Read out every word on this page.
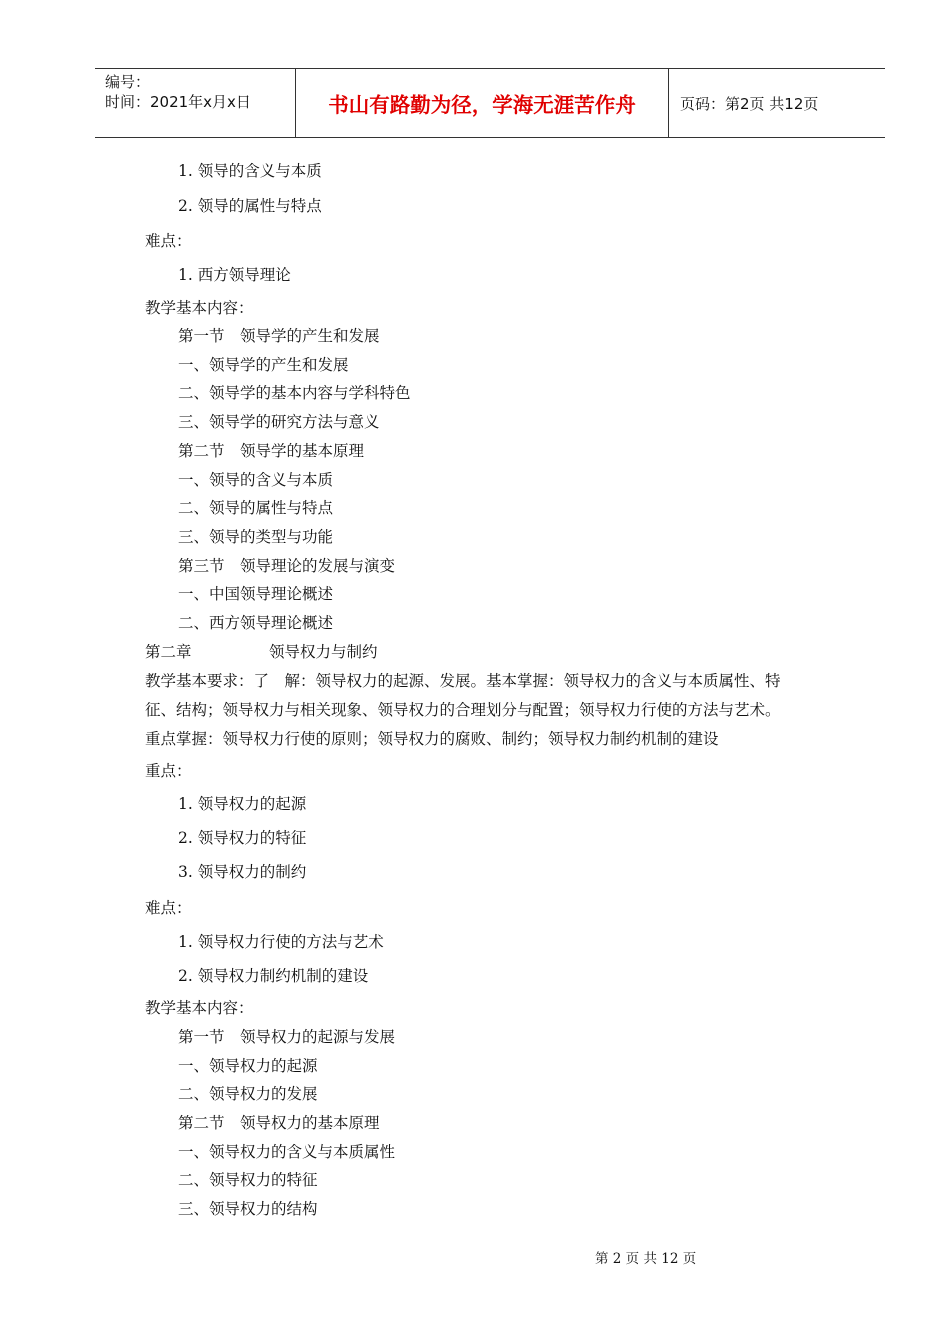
编号：
时间：2021年x月x日	书山有路勤为径，学海无涯苦作舟	页码：第2页 共12页
1. 领导的含义与本质
2. 领导的属性与特点
难点：
1. 西方领导理论
教学基本内容：
第一节　领导学的产生和发展
一、领导学的产生和发展
二、领导学的基本内容与学科特色
三、领导学的研究方法与意义
第二节　领导学的基本原理
一、领导的含义与本质
二、领导的属性与特点
三、领导的类型与功能
第三节　领导理论的发展与演变
一、中国领导理论概述
二、西方领导理论概述
第二章　　　　　领导权力与制约
教学基本要求：了　解：领导权力的起源、发展。基本掌握：领导权力的含义与本质属性、特
征、结构；领导权力与相关现象、领导权力的合理划分与配置；领导权力行使的方法与艺术。
重点掌握：领导权力行使的原则；领导权力的腐败、制约；领导权力制约机制的建设
重点：
1. 领导权力的起源
2. 领导权力的特征
3. 领导权力的制约
难点：
1. 领导权力行使的方法与艺术
2. 领导权力制约机制的建设
教学基本内容：
第一节　领导权力的起源与发展
一、领导权力的起源
二、领导权力的发展
第二节　领导权力的基本原理
一、领导权力的含义与本质属性
二、领导权力的特征
三、领导权力的结构
第 2 页 共 12 页
